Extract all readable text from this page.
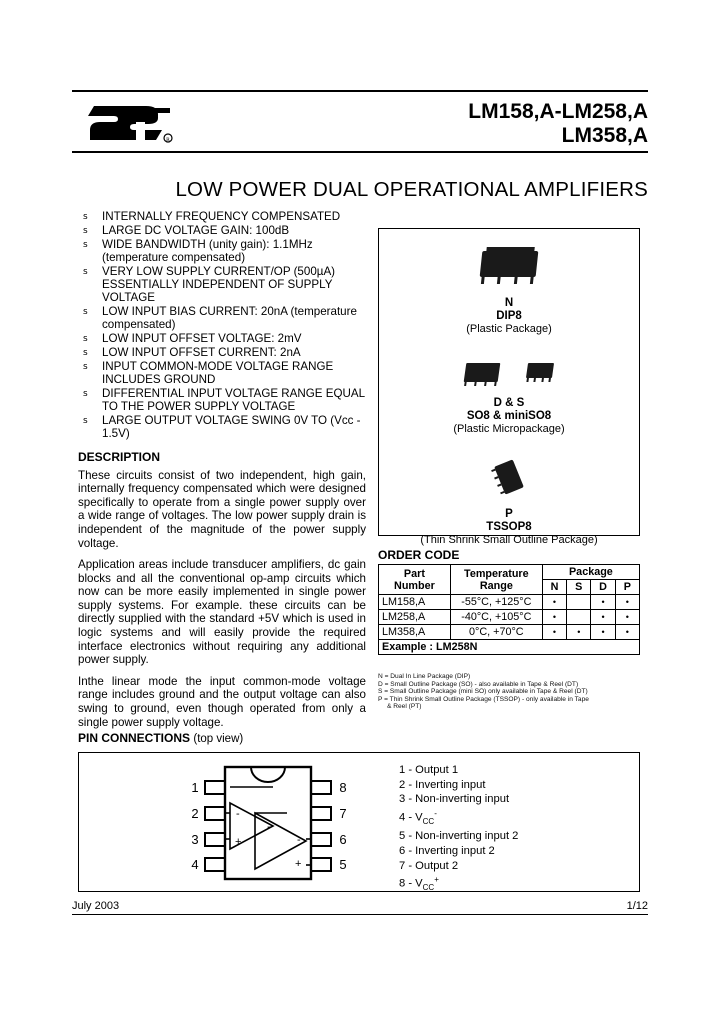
R
LM158,A-LM258,A
LM358,A
LOW POWER DUAL OPERATIONAL AMPLIFIERS
s INTERNALLY FREQUENCY COMPENSATED
s LARGE DC VOLTAGE GAIN: 100dB
s WIDE BANDWIDTH (unity gain): 1.1MHz (temperature compensated)
s VERY LOW SUPPLY CURRENT/OP (500µA) ESSENTIALLY INDEPENDENT OF SUPPLY VOLTAGE
s LOW INPUT BIAS CURRENT: 20nA (temperature compensated)
s LOW INPUT OFFSET VOLTAGE: 2mV
s LOW INPUT OFFSET CURRENT: 2nA
s INPUT COMMON-MODE VOLTAGE RANGE INCLUDES GROUND
s DIFFERENTIAL INPUT VOLTAGE RANGE EQUAL TO THE POWER SUPPLY VOLTAGE
s LARGE OUTPUT VOLTAGE SWING 0V TO (Vcc - 1.5V)
DESCRIPTION

These circuits consist of two independent, high gain, internally frequency compensated which were designed specifically to operate from a single power supply over a wide range of voltages. The low power supply drain is independent of the magnitude of the power supply voltage.

Application areas include transducer amplifiers, dc gain blocks and all the conventional op-amp circuits which now can be more easily implemented in single power supply systems. For example. these circuits can be directly supplied with the standard +5V which is used in logic systems and will easily provide the required interface electronics without requiring any additional power supply.

Inthe linear mode the input common-mode voltage range includes ground and the output voltage can also swing to ground, even though operated from only a single power supply voltage.

N
DIP8
(Plastic Package)
D & S
SO8 & miniSO8
(Plastic Micropackage)
P
TSSOP8
(Thin Shrink Small Outline Package)
ORDER CODE
Part
Number	Temperature
Range	Package			
		N	S	D	P
LM158,A	-55°C, +125°C	•		•	•
LM258,A	-40°C, +105°C	•		•	•
LM358,A	0°C, +70°C	•	•	•	•
Example : LM258N					
N = Dual In Line Package (DIP)
D = Small Outline Package (SO) - also available in Tape & Reel (DT)
S = Small Outline Package (mini SO) only available in Tape & Reel (DT)
P = Thin Shrink Small Outline Package (TSSOP) - only available in Tape
& Reel (PT)
PIN CONNECTIONS (top view)
1
2
3
4
8
7
6
5
-
+
-
-
+
1 - Output 1
2 - Inverting input
3 - Non-inverting input
$4 - V_{CC}^-$
5 - Non-inverting input 2
6 - Inverting input 2
7 - Output 2
$8 - V_{CC}^+$
July 2003	1/12
